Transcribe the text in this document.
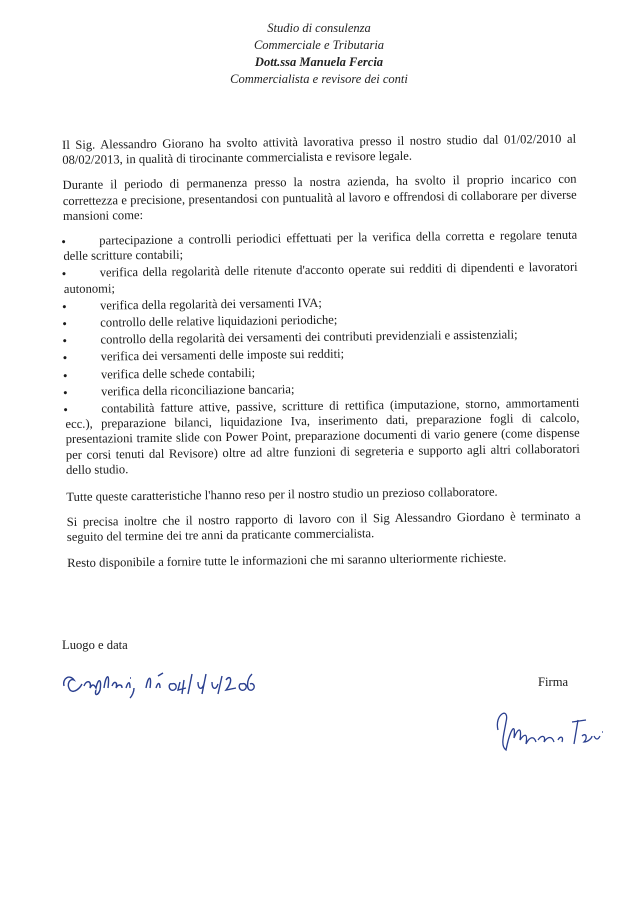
Studio di consulenza
Commerciale e Tributaria
Dott.ssa Manuela Fercia
Commercialista e revisore dei conti

Il Sig. Alessandro Giorano ha svolto attività lavorativa presso il nostro studio dal 01/02/2010 al 08/02/2013, in qualità di tirocinante commercialista e revisore legale.

Durante il periodo di permanenza presso la nostra azienda, ha svolto il proprio incarico con correttezza e precisione, presentandosi con puntualità al lavoro e offrendosi di collaborare per diverse mansioni come:

•	partecipazione a controlli periodici effettuati per la verifica della corretta e regolare tenuta delle scritture contabili;
•	verifica della regolarità delle ritenute d'acconto operate sui redditi di dipendenti e lavoratori autonomi;
•	verifica della regolarità dei versamenti IVA;
•	controllo delle relative liquidazioni periodiche;
•	controllo della regolarità dei versamenti dei contributi previdenziali e assistenziali;
•	verifica dei versamenti delle imposte sui redditi;
•	verifica delle schede contabili;
•	verifica della riconciliazione bancaria;
•	contabilità fatture attive, passive, scritture di rettifica (imputazione, storno, ammortamenti ecc.), preparazione bilanci, liquidazione Iva, inserimento dati, preparazione fogli di calcolo, presentazioni tramite slide con Power Point, preparazione documenti di vario genere (come dispense per corsi tenuti dal Revisore) oltre ad altre funzioni di segreteria e supporto agli altri collaboratori dello studio.

Tutte queste caratteristiche l'hanno reso per il nostro studio un prezioso collaboratore.

Si precisa inoltre che il nostro rapporto di lavoro con il Sig Alessandro Giordano è terminato a seguito del termine dei tre anni da praticante commercialista.

Resto disponibile a fornire tutte le informazioni che mi saranno ulteriormente richieste.

Luogo e data
Firma
